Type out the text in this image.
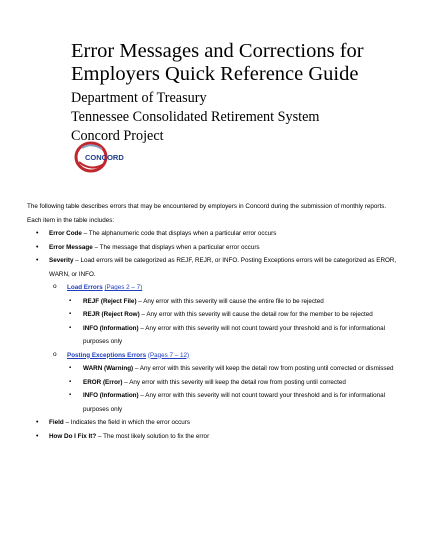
Error Messages and Corrections for
Employers Quick Reference Guide

Department of Treasury

Tennessee Consolidated Retirement System

Concord Project

CONCORD

The following table describes errors that may be encountered by employers in Concord during the submission of monthly reports.

Each item in the table includes:

• Error Code – The alphanumeric code that displays when a particular error occurs
• Error Message – The message that displays when a particular error occurs
• Severity – Load errors will be categorized as REJF, REJR, or INFO. Posting Exceptions errors will be categorized as EROR, WARN, or INFO.
o Load Errors (Pages 2 – 7)
▪ REJF (Reject File) – Any error with this severity will cause the entire file to be rejected
▪ REJR (Reject Row) – Any error with this severity will cause the detail row for the member to be rejected
▪ INFO (Information) – Any error with this severity will not count toward your threshold and is for informational purposes only
o Posting Exceptions Errors (Pages 7 – 12)
▪ WARN (Warning) – Any error with this severity will keep the detail row from posting until corrected or dismissed
▪ EROR (Error) – Any error with this severity will keep the detail row from posting until corrected
▪ INFO (Information) – Any error with this severity will not count toward your threshold and is for informational purposes only
• Field – Indicates the field in which the error occurs
• How Do I Fix It? – The most likely solution to fix the error
